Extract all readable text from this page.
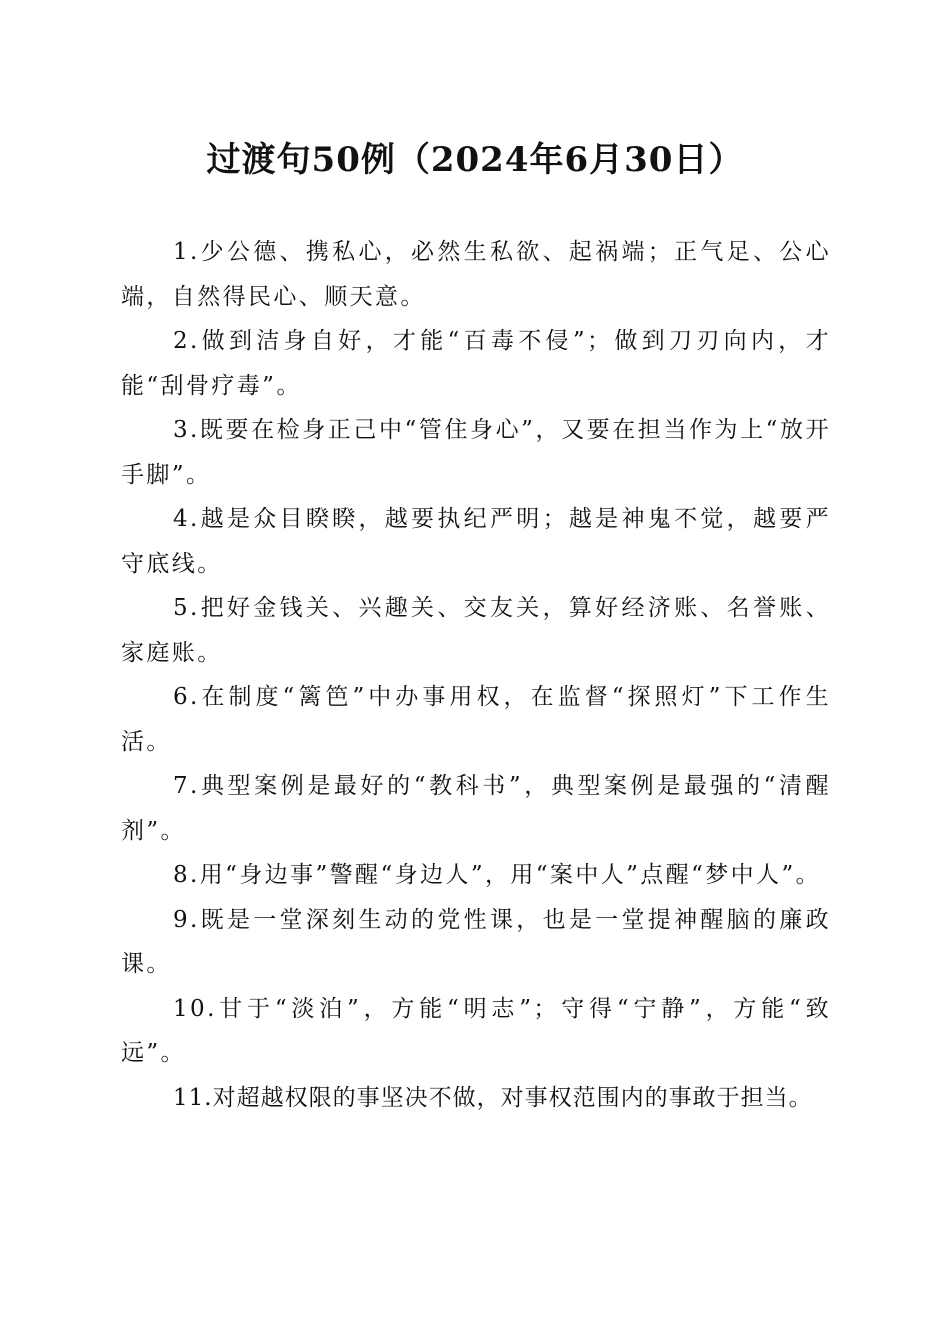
过渡句50例（2024年6月30日）

1.少公德、携私心，必然生私欲、起祸端；正气足、公心端，自然得民心、顺天意。

2.做到洁身自好，才能“百毒不侵”；做到刀刃向内，才能“刮骨疗毒”。

3.既要在检身正己中“管住身心”，又要在担当作为上“放开手脚”。

4.越是众目睽睽，越要执纪严明；越是神鬼不觉，越要严守底线。

5.把好金钱关、兴趣关、交友关，算好经济账、名誉账、家庭账。

6.在制度“篱笆”中办事用权，在监督“探照灯”下工作生活。

7.典型案例是最好的“教科书”，典型案例是最强的“清醒剂”。

8.用“身边事”警醒“身边人”，用“案中人”点醒“梦中人”。

9.既是一堂深刻生动的党性课，也是一堂提神醒脑的廉政课。

10.甘于“淡泊”，方能“明志”；守得“宁静”，方能“致远”。

11.对超越权限的事坚决不做，对事权范围内的事敢于担当。
